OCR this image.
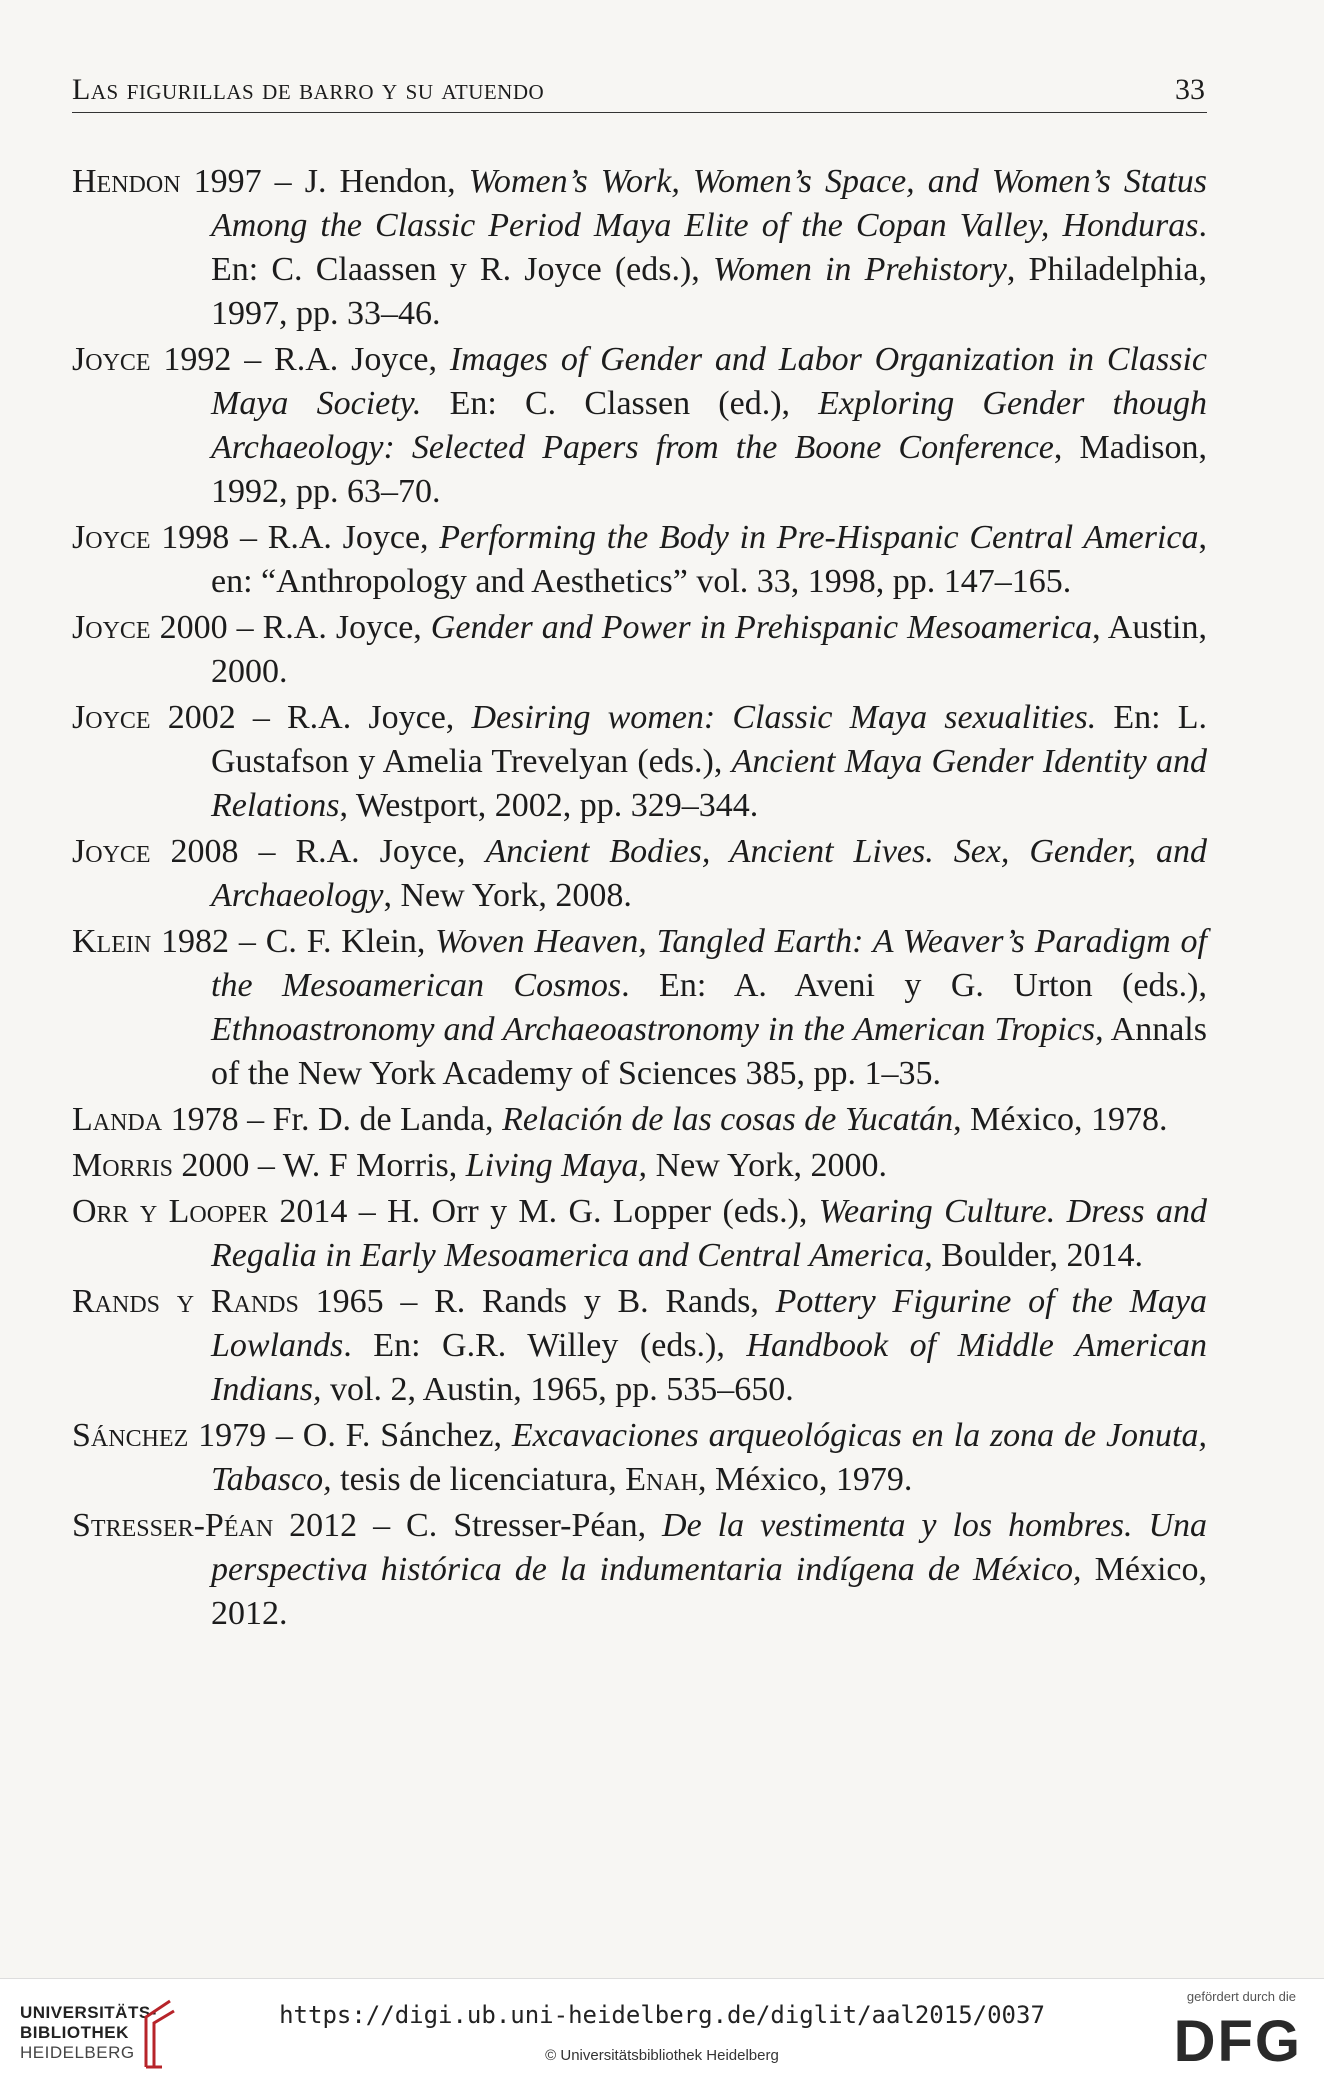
Las figurillas de barro y su atuendo	33
Hendon 1997 – J. Hendon, Women’s Work, Women’s Space, and Women’s Status Among the Classic Period Maya Elite of the Copan Valley, Honduras. En: C. Claassen y R. Joyce (eds.), Women in Prehistory, Philadelphia, 1997, pp. 33–46.
Joyce 1992 – R.A. Joyce, Images of Gender and Labor Organization in Classic Maya Society. En: C. Classen (ed.), Exploring Gender though Archaeology: Selected Papers from the Boone Conference, Madison, 1992, pp. 63–70.
Joyce 1998 – R.A. Joyce, Performing the Body in Pre-Hispanic Central America, en: “Anthropology and Aesthetics” vol. 33, 1998, pp. 147–165.
Joyce 2000 – R.A. Joyce, Gender and Power in Prehispanic Mesoamerica, Austin, 2000.
Joyce 2002 – R.A. Joyce, Desiring women: Classic Maya sexualities. En: L. Gustafson y Amelia Trevelyan (eds.), Ancient Maya Gender Identity and Relations, Westport, 2002, pp. 329–344.
Joyce 2008 – R.A. Joyce, Ancient Bodies, Ancient Lives. Sex, Gender, and Archaeology, New York, 2008.
Klein 1982 – C. F. Klein, Woven Heaven, Tangled Earth: A Weaver’s Paradigm of the Mesoamerican Cosmos. En: A. Aveni y G. Urton (eds.), Ethnoastronomy and Archaeoastronomy in the American Tropics, Annals of the New York Academy of Sciences 385, pp. 1–35.
Landa 1978 – Fr. D. de Landa, Relación de las cosas de Yucatán, México, 1978.
Morris 2000 – W. F Morris, Living Maya, New York, 2000.
Orr y Looper 2014 – H. Orr y M. G. Lopper (eds.), Wearing Culture. Dress and Regalia in Early Mesoamerica and Central America, Boulder, 2014.
Rands y Rands 1965 – R. Rands y B. Rands, Pottery Figurine of the Maya Lowlands. En: G.R. Willey (eds.), Handbook of Middle American Indians, vol. 2, Austin, 1965, pp. 535–650.
Sánchez 1979 – O. F. Sánchez, Excavaciones arqueológicas en la zona de Jonuta, Tabasco, tesis de licenciatura, Enah, México, 1979.
Stresser-Péan 2012 – C. Stresser-Péan, De la vestimenta y los hombres. Una perspectiva histórica de la indumentaria indígena de México, México, 2012.
UNIVERSITÄTS-
BIBLIOTHEK
HEIDELBERG
https://digi.ub.uni-heidelberg.de/diglit/aal2015/0037
© Universitätsbibliothek Heidelberg
gefördert durch die
DFG
